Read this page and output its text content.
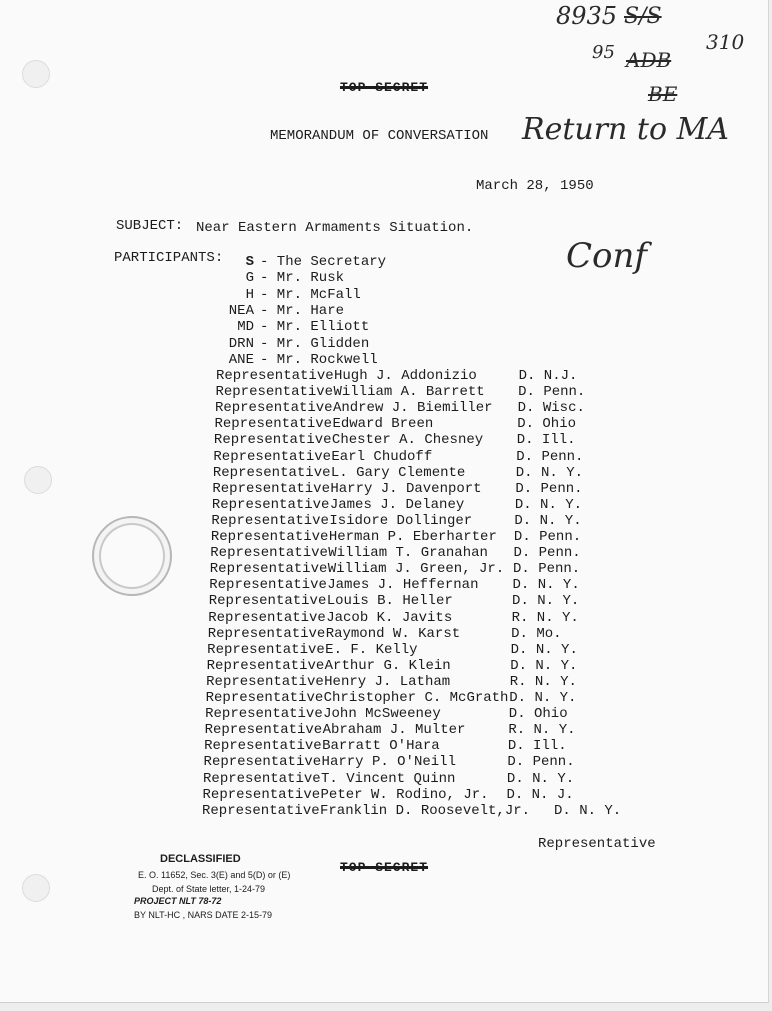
8935 S/S
95 ADB
310
BE
Return to MA
Conf
TOP SECRET
MEMORANDUM OF CONVERSATION
March 28, 1950
SUBJECT: Near Eastern Armaments Situation.
PARTICIPANTS: S - The Secretary
G - Mr. Rusk
H - Mr. McFall
NEA - Mr. Hare
MD - Mr. Elliott
DRN - Mr. Glidden
ANE - Mr. Rockwell
Representative Hugh J. Addonizio	D. N.J.
Representative William A. Barrett D. Penn.
Representative Andrew J. Biemiller D. Wisc.
Representative Edward Breen	D. Ohio
Representative Chester A. Chesney D. Ill.
Representative Earl Chudoff	D. Penn.
Representative L. Gary Clemente	D. N. Y.
Representative Harry J. Davenport D. Penn.
Representative James J. Delaney	D. N. Y.
Representative Isidore Dollinger	D. N. Y.
Representative Herman P. Eberharter D. Penn.
Representative William T. Granahan D. Penn.
Representative William J. Green, Jr. D. Penn.
Representative James J. Heffernan D. N. Y.
Representative Louis B. Heller	D. N. Y.
Representative Jacob K. Javits	R. N. Y.
Representative Raymond W. Karst	D. Mo.
Representative E. F. Kelly	D. N. Y.
Representative Arthur G. Klein	D. N. Y.
Representative Henry J. Latham	R. N. Y.
Representative Christopher C. McGrath D. N. Y.
Representative John McSweeney	D. Ohio
Representative Abraham J. Multer	R. N. Y.
Representative Barratt O'Hara	D. Ill.
Representative Harry P. O'Neill	D. Penn.
Representative T. Vincent Quinn	D. N. Y.
Representative Peter W. Rodino, Jr. D. N. J.
Representative Franklin D. Roosevelt,Jr. D. N. Y.
Representative
DECLASSIFIED
E. O. 11652, Sec. 3(E) and 5(D) or (E)
Dept. of State letter, 1-24-79
PROJECT NLT 78-72
BY NLT-HC , NARS DATE 2-15-79
TOP SECRET
